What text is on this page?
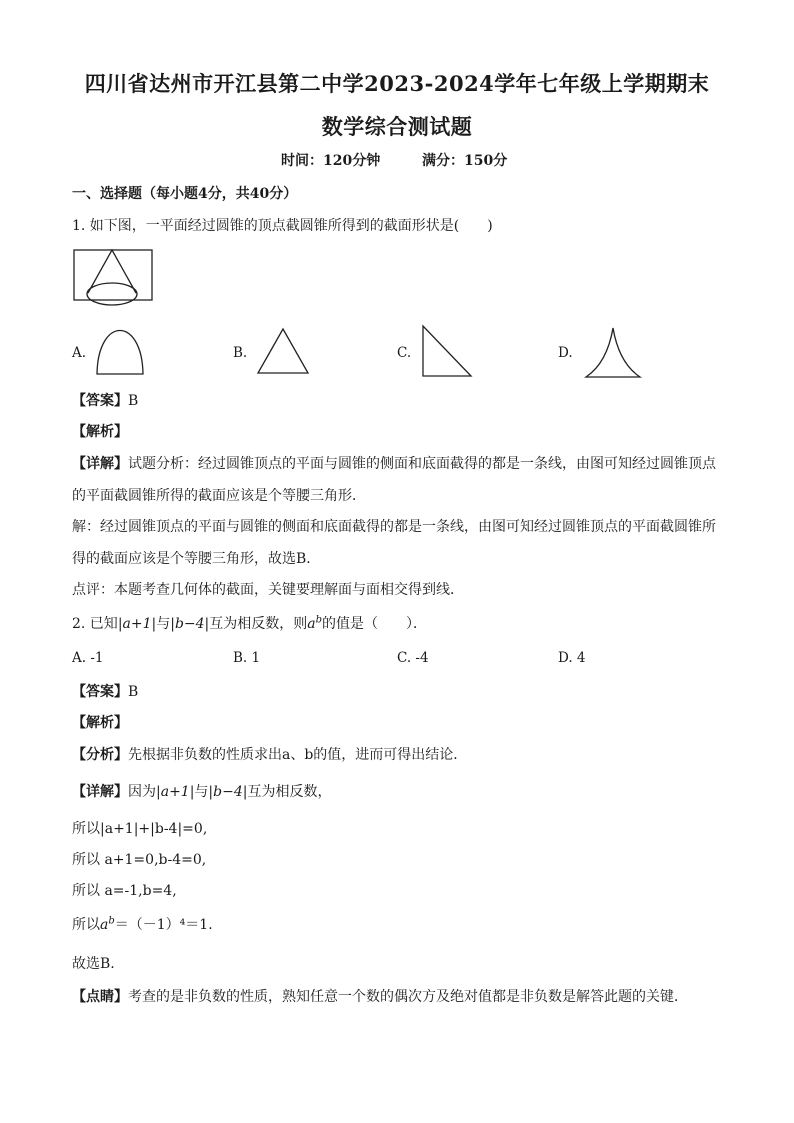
四川省达州市开江县第二中学2023-2024学年七年级上学期期末
数学综合测试题
时间：120分钟	满分：150分
一、选择题（每小题4分，共40分）
1. 如下图，一平面经过圆锥的顶点截圆锥所得到的截面形状是(　　)
A.	B.	C.	D.
【答案】B
【解析】
【详解】试题分析：经过圆锥顶点的平面与圆锥的侧面和底面截得的都是一条线，由图可知经过圆锥顶点
的平面截圆锥所得的截面应该是个等腰三角形．
解：经过圆锥顶点的平面与圆锥的侧面和底面截得的都是一条线，由图可知经过圆锥顶点的平面截圆锥所
得的截面应该是个等腰三角形，故选B．
点评：本题考查几何体的截面，关键要理解面与面相交得到线．
2. 已知|a+1|与|b−4|互为相反数，则$a^b$的值是（　　）．
A. -1	B. 1	C. -4	D. 4
【答案】B
【解析】
【分析】先根据非负数的性质求出a、b的值，进而可得出结论．
【详解】因为|a+1|与|b−4|互为相反数，
所以|a+1|+|b-4|=0,
所以 a+1=0,b-4=0,
所以 a=-1,b=4,
所以$a^b=(-1)^4=1$.
故选B.
【点睛】考查的是非负数的性质，熟知任意一个数的偶次方及绝对值都是非负数是解答此题的关键．
